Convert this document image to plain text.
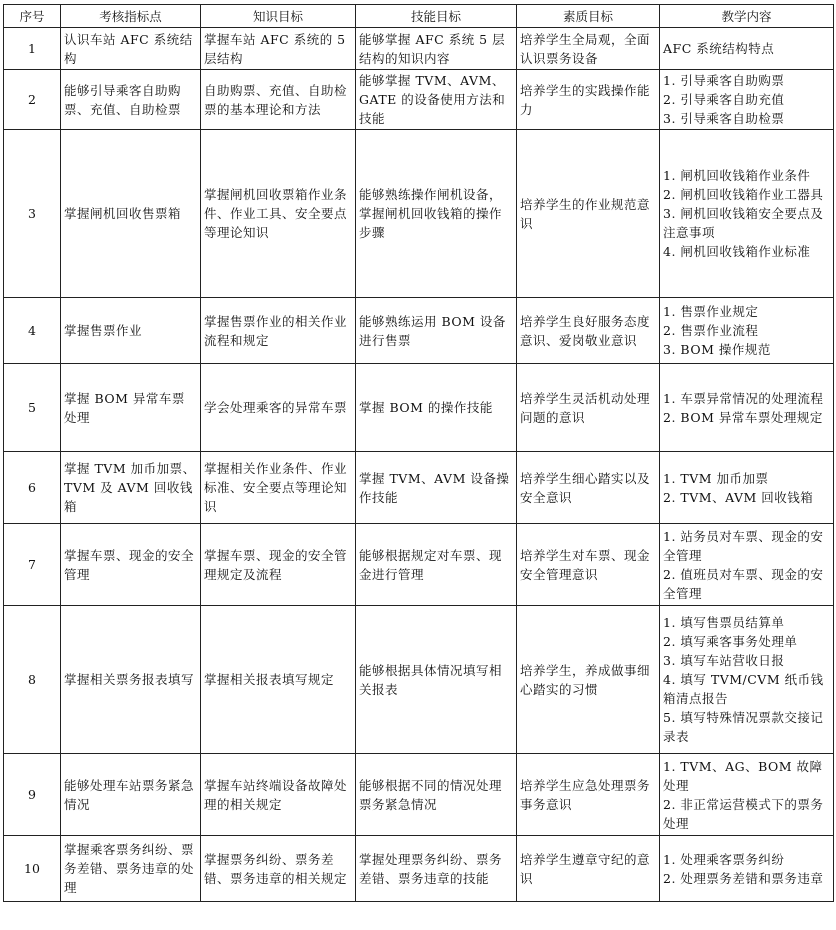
序号	考核指标点	知识目标	技能目标	素质目标	教学内容
1	认识车站 AFC 系统结构	掌握车站 AFC 系统的 5 层结构	能够掌握 AFC 系统 5 层结构的知识内容	培养学生全局观，全面认识票务设备	AFC 系统结构特点

2	能够引导乘客自助购票、充值、自助检票	自助购票、充值、自助检票的基本理论和方法	能够掌握 TVM、AVM、GATE 的设备使用方法和技能	培养学生的实践操作能力	1. 引导乘客自助购票
2. 引导乘客自助充值
3. 引导乘客自助检票

3	掌握闸机回收售票箱	掌握闸机回收票箱作业条件、作业工具、安全要点等理论知识	能够熟练操作闸机设备，掌握闸机回收钱箱的操作步骤	培养学生的作业规范意识	1. 闸机回收钱箱作业条件
2. 闸机回收钱箱作业工器具
3. 闸机回收钱箱安全要点及注意事项
4. 闸机回收钱箱作业标准

4	掌握售票作业	掌握售票作业的相关作业流程和规定	能够熟练运用 BOM 设备进行售票	培养学生良好服务态度意识、爱岗敬业意识	1. 售票作业规定
2. 售票作业流程
3. BOM 操作规范

5	掌握 BOM 异常车票处理	学会处理乘客的异常车票	掌握 BOM 的操作技能	培养学生灵活机动处理问题的意识	1. 车票异常情况的处理流程
2. BOM 异常车票处理规定

6	掌握 TVM 加币加票、TVM 及 AVM 回收钱箱	掌握相关作业条件、作业标准、安全要点等理论知识	掌握 TVM、AVM 设备操作技能	培养学生细心踏实以及安全意识	1. TVM 加币加票
2. TVM、AVM 回收钱箱

7	掌握车票、现金的安全管理	掌握车票、现金的安全管理规定及流程	能够根据规定对车票、现金进行管理	培养学生对车票、现金安全管理意识	1. 站务员对车票、现金的安全管理
2. 值班员对车票、现金的安全管理

8	掌握相关票务报表填写	掌握相关报表填写规定	能够根据具体情况填写相关报表	培养学生，养成做事细心踏实的习惯	1. 填写售票员结算单
2. 填写乘客事务处理单
3. 填写车站营收日报
4. 填写 TVM/CVM 纸币钱箱清点报告
5. 填写特殊情况票款交接记录表

9	能够处理车站票务紧急情况	掌握车站终端设备故障处理的相关规定	能够根据不同的情况处理票务紧急情况	培养学生应急处理票务事务意识	1. TVM、AG、BOM 故障处理
2. 非正常运营模式下的票务处理

10	掌握乘客票务纠纷、票务差错、票务违章的处理	掌握票务纠纷、票务差错、票务违章的相关规定	掌握处理票务纠纷、票务差错、票务违章的技能	培养学生遵章守纪的意识	1. 处理乘客票务纠纷
2. 处理票务差错和票务违章
